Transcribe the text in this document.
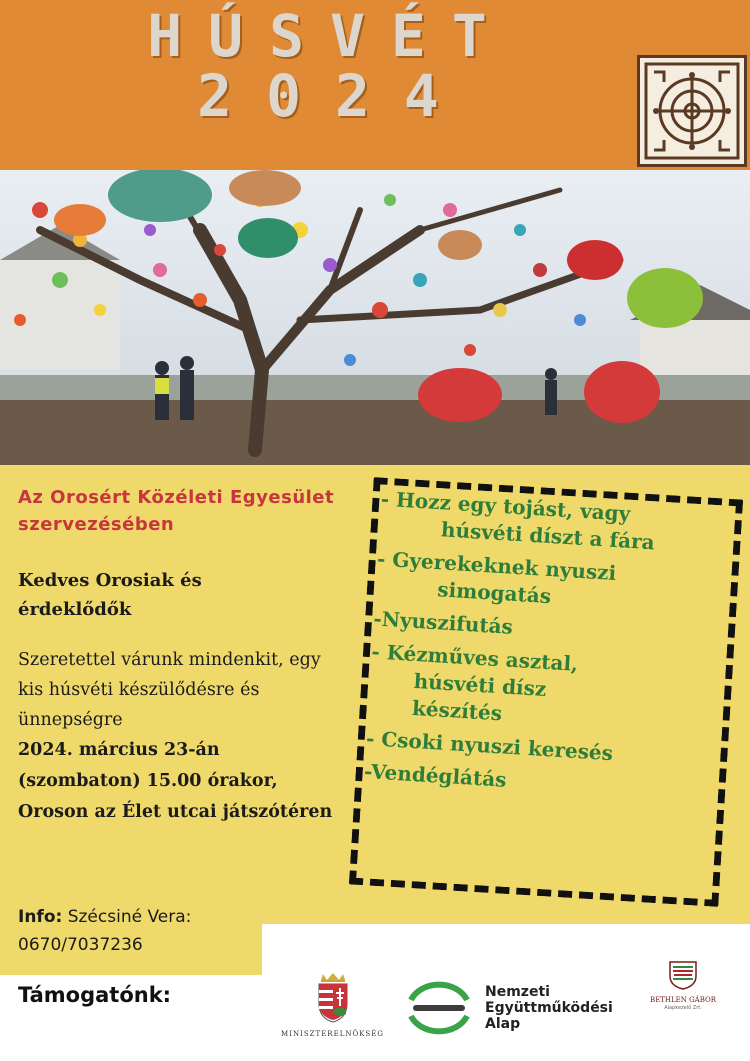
HÚSVÉT
2024
Az Orosért Közéleti Egyesület szervezésében
Kedves Orosiak és érdeklődők
Szeretettel várunk mindenkit, egy kis húsvéti készülődésre és ünnepségre
2024. március 23-án (szombaton) 15.00 órakor, Oroson az Élet utcai játszótéren
Info: Szécsiné Vera:
0670/7037236
- Hozz egy tojást, vagy
húsvéti díszt a fára
- Gyerekeknek nyuszi
simogatás
-Nyuszifutás
- Kézműves asztal,
húsvéti dísz
készítés
- Csoki nyuszi keresés
-Vendéglátás
Támogatónk:
MINISZTERELNÖKSÉG
Nemzeti
Együttműködési
Alap
BETHLEN GÁBOR
Alapkezelő Zrt.
